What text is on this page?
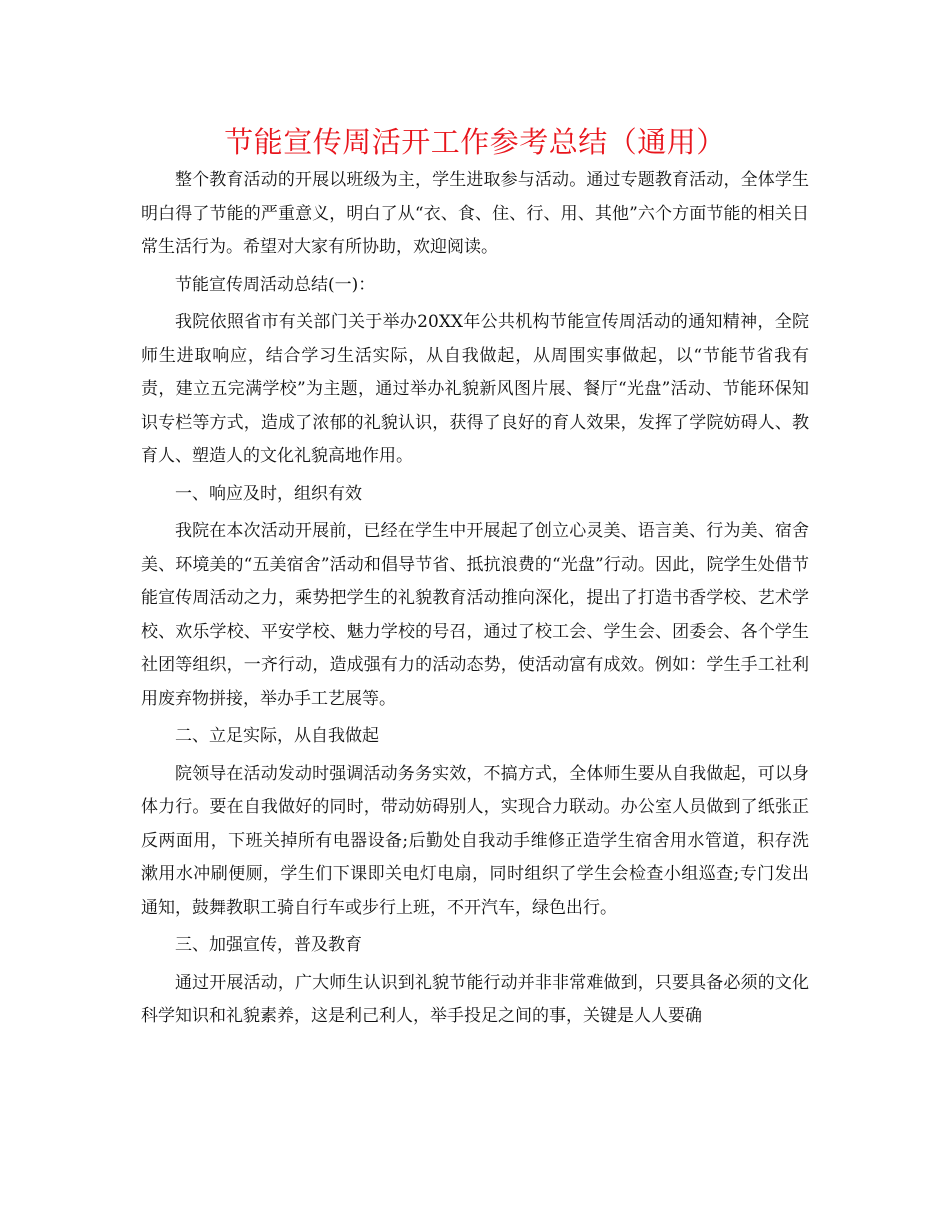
节能宣传周活开工作参考总结（通用）

整个教育活动的开展以班级为主，学生进取参与活动。通过专题教育活动，全体学生明白得了节能的严重意义，明白了从“衣、食、住、行、用、其他”六个方面节能的相关日常生活行为。希望对大家有所协助，欢迎阅读。

节能宣传周活动总结(一)：

我院依照省市有关部门关于举办20XX年公共机构节能宣传周活动的通知精神，全院师生进取响应，结合学习生活实际，从自我做起，从周围实事做起，以“节能节省我有责，建立五完满学校”为主题，通过举办礼貌新风图片展、餐厅“光盘”活动、节能环保知识专栏等方式，造成了浓郁的礼貌认识，获得了良好的育人效果，发挥了学院妨碍人、教育人、塑造人的文化礼貌高地作用。

一、响应及时，组织有效

我院在本次活动开展前，已经在学生中开展起了创立心灵美、语言美、行为美、宿舍美、环境美的“五美宿舍”活动和倡导节省、抵抗浪费的“光盘”行动。因此，院学生处借节能宣传周活动之力，乘势把学生的礼貌教育活动推向深化，提出了打造书香学校、艺术学校、欢乐学校、平安学校、魅力学校的号召，通过了校工会、学生会、团委会、各个学生社团等组织，一齐行动，造成强有力的活动态势，使活动富有成效。例如：学生手工社利用废弃物拼接，举办手工艺展等。

二、立足实际，从自我做起

院领导在活动发动时强调活动务务实效，不搞方式，全体师生要从自我做起，可以身体力行。要在自我做好的同时，带动妨碍别人，实现合力联动。办公室人员做到了纸张正反两面用，下班关掉所有电器设备;后勤处自我动手维修正造学生宿舍用水管道，积存洗漱用水冲刷便厕，学生们下课即关电灯电扇，同时组织了学生会检查小组巡查;专门发出通知，鼓舞教职工骑自行车或步行上班，不开汽车，绿色出行。

三、加强宣传，普及教育

通过开展活动，广大师生认识到礼貌节能行动并非非常难做到，只要具备必须的文化科学知识和礼貌素养，这是利己利人，举手投足之间的事，关键是人人要确
